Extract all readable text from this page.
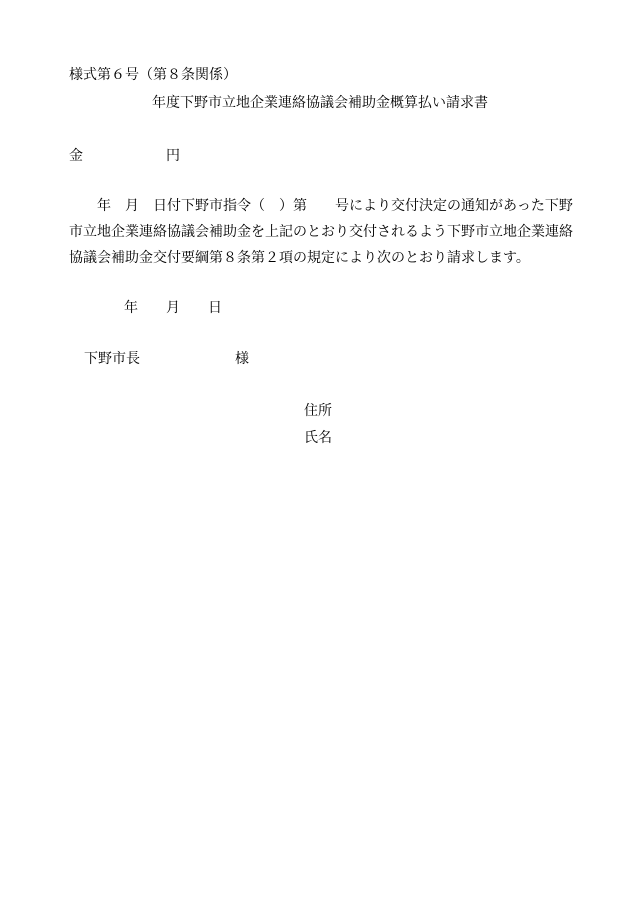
様式第６号（第８条関係）
年度下野市立地企業連絡協議会補助金概算払い請求書
金	円
年　月　日付下野市指令（　）第　　号により交付決定の通知があった下野
市立地企業連絡協議会補助金を上記のとおり交付されるよう下野市立地企業連絡
協議会補助金交付要綱第８条第２項の規定により次のとおり請求します。
年 月 日
下野市長	様
住所
氏名
